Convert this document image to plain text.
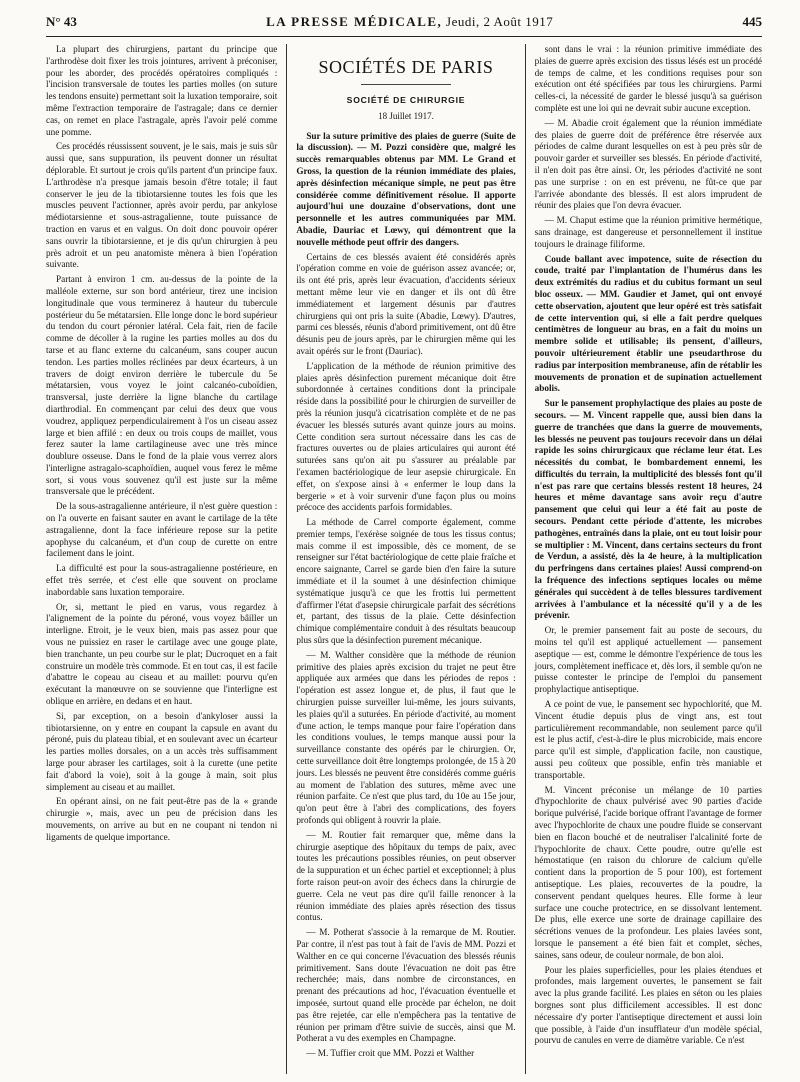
N° 43	LA PRESSE MÉDICALE, Jeudi, 2 Août 1917	445

La plupart des chirurgiens, partant du principe que l'arthrodèse doit fixer les trois jointures, arrivent à préconiser, pour les aborder, des procédés opératoires compliqués : l'incision transversale de toutes les parties molles (on suture les tendons ensuite) permettant soit la luxation temporaire, soit même l'extraction temporaire de l'astragale; dans ce dernier cas, on remet en place l'astragale, après l'avoir pelé comme une pomme.

Ces procédés réussissent souvent, je le sais, mais je suis sûr aussi que, sans suppuration, ils peuvent donner un résultat déplorable. Et surtout je crois qu'ils partent d'un principe faux. L'arthrodèse n'a presque jamais besoin d'être totale; il faut conserver le jeu de la tibiotarsienne toutes les fois que les muscles peuvent l'actionner, après avoir perdu, par ankylose médiotarsienne et sous-astragalienne, toute puissance de traction en varus et en valgus. On doit donc pouvoir opérer sans ouvrir la tibiotarsienne, et je dis qu'un chirurgien à peu près adroit et un peu anatomiste mènera à bien l'opération suivante.

Partant à environ 1 cm. au-dessus de la pointe de la malléole externe, sur son bord antérieur, tirez une incision longitudinale que vous terminerez à hauteur du tubercule postérieur du 5e métatarsien. Elle longe donc le bord supérieur du tendon du court péronier latéral. Cela fait, rien de facile comme de décoller à la rugine les parties molles au dos du tarse et au flanc externe du calcanéum, sans couper aucun tendon. Les parties molles réclinées par deux écarteurs, à un travers de doigt environ derrière le tubercule du 5e métatarsien, vous voyez le joint calcanéo-cuboïdien, transversal, juste derrière la ligne blanche du cartilage diarthrodial. En commençant par celui des deux que vous voudrez, appliquez perpendiculairement à l'os un ciseau assez large et bien affilé : en deux ou trois coups de maillet, vous ferez sauter la lame cartilagineuse avec une très mince doublure osseuse. Dans le fond de la plaie vous verrez alors l'interligne astragalo-scaphoïdien, auquel vous ferez le même sort, si vous vous souvenez qu'il est juste sur la même transversale que le précédent.

De la sous-astragalienne antérieure, il n'est guère question : on l'a ouverte en faisant sauter en avant le cartilage de la tête astragalienne, dont la face inférieure repose sur la petite apophyse du calcanéum, et d'un coup de curette on entre facilement dans le joint.

La difficulté est pour la sous-astragalienne postérieure, en effet très serrée, et c'est elle que souvent on proclame inabordable sans luxation temporaire.

Or, si, mettant le pied en varus, vous regardez à l'alignement de la pointe du péroné, vous voyez bâiller un interligne. Etroit, je le veux bien, mais pas assez pour que vous ne puissiez en raser le cartilage avec une gouge plate, bien tranchante, un peu courbe sur le plat; Ducroquet en a fait construire un modèle très commode. Et en tout cas, il est facile d'abattre le copeau au ciseau et au maillet: pourvu qu'en exécutant la manœuvre on se souvienne que l'interligne est oblique en arrière, en dedans et en haut.

Si, par exception, on a besoin d'ankyloser aussi la tibiotarsienne, on y entre en coupant la capsule en avant du péroné, puis du plateau tibial, et en soulevant avec un écarteur les parties molles dorsales, on a un accès très suffisamment large pour abraser les cartilages, soit à la curette (une petite fait d'abord la voie), soit à la gouge à main, soit plus simplement au ciseau et au maillet.

En opérant ainsi, on ne fait peut-être pas de la « grande chirurgie », mais, avec un peu de précision dans les mouvements, on arrive au but en ne coupant ni tendon ni ligaments de quelque importance.

SOCIÉTÉS DE PARIS
SOCIÉTÉ DE CHIRURGIE
18 Juillet 1917.

Sur la suture primitive des plaies de guerre (Suite de la discussion). — M. Pozzi considère que, malgré les succès remarquables obtenus par MM. Le Grand et Gross, la question de la réunion immédiate des plaies, après désinfection mécanique simple, ne peut pas être considérée comme définitivement résolue. Il apporte aujourd'hui une douzaine d'observations, dont une personnelle et les autres communiquées par MM. Abadie, Dauriac et Lœwy, qui démontrent que la nouvelle méthode peut offrir des dangers.

Certains de ces blessés avaient été considérés après l'opération comme en voie de guérison assez avancée; or, ils ont été pris, après leur évacuation, d'accidents sérieux mettant même leur vie en danger et ils ont dû être immédiatement et largement désunis par d'autres chirurgiens qui ont pris la suite (Abadie, Lœwy). D'autres, parmi ces blessés, réunis d'abord primitivement, ont dû être désunis peu de jours après, par le chirurgien même qui les avait opérés sur le front (Dauriac).

L'application de la méthode de réunion primitive des plaies après désinfection purement mécanique doit être subordonnée à certaines conditions dont la principale réside dans la possibilité pour le chirurgien de surveiller de près la réunion jusqu'à cicatrisation complète et de ne pas évacuer les blessés suturés avant quinze jours au moins. Cette condition sera surtout nécessaire dans les cas de fractures ouvertes ou de plaies articulaires qui auront été suturées sans qu'on ait pu s'assurer au préalable par l'examen bactériologique de leur asepsie chirurgicale. En effet, on s'expose ainsi à « enfermer le loup dans la bergerie » et à voir survenir d'une façon plus ou moins précoce des accidents parfois formidables.

La méthode de Carrel comporte également, comme premier temps, l'exérèse soignée de tous les tissus contus; mais comme il est impossible, dès ce moment, de se renseigner sur l'état bactériologique de cette plaie fraîche et encore saignante, Carrel se garde bien d'en faire la suture immédiate et il la soumet à une désinfection chimique systématique jusqu'à ce que les frottis lui permettent d'affirmer l'état d'asepsie chirurgicale parfait des sécrétions et, partant, des tissus de la plaie. Cette désinfection chimique complémentaire conduit à des résultats beaucoup plus sûrs que la désinfection purement mécanique.

— M. Walther considère que la méthode de réunion primitive des plaies après excision du trajet ne peut être appliquée aux armées que dans les périodes de repos : l'opération est assez longue et, de plus, il faut que le chirurgien puisse surveiller lui-même, les jours suivants, les plaies qu'il a suturées. En période d'activité, au moment d'une action, le temps manque pour faire l'opération dans les conditions voulues, le temps manque aussi pour la surveillance constante des opérés par le chirurgien. Or, cette surveillance doit être longtemps prolongée, de 15 à 20 jours. Les blessés ne peuvent être considérés comme guéris au moment de l'ablation des sutures, même avec une réunion parfaite. Ce n'est que plus tard, du 10e au 15e jour, qu'on peut être à l'abri des complications, des foyers profonds qui obligent à rouvrir la plaie.

— M. Routier fait remarquer que, même dans la chirurgie aseptique des hôpitaux du temps de paix, avec toutes les précautions possibles réunies, on peut observer de la suppuration et un échec partiel et exceptionnel; à plus forte raison peut-on avoir des échecs dans la chirurgie de guerre. Cela ne veut pas dire qu'il faille renoncer à la réunion immédiate des plaies après résection des tissus contus.

— M. Potherat s'associe à la remarque de M. Routier. Par contre, il n'est pas tout à fait de l'avis de MM. Pozzi et Walther en ce qui concerne l'évacuation des blessés réunis primitivement. Sans doute l'évacuation ne doit pas être recherchée; mais, dans nombre de circonstances, en prenant des précautions ad hoc, l'évacuation éventuelle et imposée, surtout quand elle procède par échelon, ne doit pas être rejetée, car elle n'empêchera pas la tentative de réunion per primam d'être suivie de succès, ainsi que M. Potherat a vu des exemples en Champagne.

— M. Tuffier croit que MM. Pozzi et Walther

sont dans le vrai : la réunion primitive immédiate des plaies de guerre après excision des tissus lésés est un procédé de temps de calme, et les conditions requises pour son exécution ont été spécifiées par tous les chirurgiens. Parmi celles-ci, la nécessité de garder le blessé jusqu'à sa guérison complète est une loi qui ne devrait subir aucune exception.

— M. Abadie croit également que la réunion immédiate des plaies de guerre doit de préférence être réservée aux périodes de calme durant lesquelles on est à peu près sûr de pouvoir garder et surveiller ses blessés. En période d'activité, il n'en doit pas être ainsi. Or, les périodes d'activité ne sont pas une surprise : on en est prévenu, ne fût-ce que par l'arrivée abondante des blessés. Il est alors imprudent de réunir des plaies que l'on devra évacuer.

— M. Chaput estime que la réunion primitive hermétique, sans drainage, est dangereuse et personnellement il institue toujours le drainage filiforme.

Coude ballant avec impotence, suite de résection du coude, traité par l'implantation de l'humérus dans les deux extrémités du radius et du cubitus formant un seul bloc osseux. — MM. Gaudier et Jamet, qui ont envoyé cette observation, ajoutent que leur opéré est très satisfait de cette intervention qui, si elle a fait perdre quelques centimètres de longueur au bras, en a fait du moins un membre solide et utilisable; ils pensent, d'ailleurs, pouvoir ultérieurement établir une pseudarthrose du radius par interposition membraneuse, afin de rétablir les mouvements de pronation et de supination actuellement abolis.

Sur le pansement prophylactique des plaies au poste de secours. — M. Vincent rappelle que, aussi bien dans la guerre de tranchées que dans la guerre de mouvements, les blessés ne peuvent pas toujours recevoir dans un délai rapide les soins chirurgicaux que réclame leur état. Les nécessités du combat, le bombardement ennemi, les difficultés du terrain, la multiplicité des blessés font qu'il n'est pas rare que certains blessés restent 18 heures, 24 heures et même davantage sans avoir reçu d'autre pansement que celui qui leur a été fait au poste de secours. Pendant cette période d'attente, les microbes pathogènes, entraînés dans la plaie, ont eu tout loisir pour se multiplier : M. Vincent, dans certains secteurs du front de Verdun, a assisté, dès la 4e heure, à la multiplication du perfringens dans certaines plaies! Aussi comprend-on la fréquence des infections septiques locales ou même générales qui succèdent à de telles blessures tardivement arrivées à l'ambulance et la nécessité qu'il y a de les prévenir.

Or, le premier pansement fait au poste de secours, du moins tel qu'il est appliqué actuellement — pansement aseptique — est, comme le démontre l'expérience de tous les jours, complètement inefficace et, dès lors, il semble qu'on ne puisse contester le principe de l'emploi du pansement prophylactique antiseptique.

A ce point de vue, le pansement sec hypochlorité, que M. Vincent étudie depuis plus de vingt ans, est tout particulièrement recommandable, non seulement parce qu'il est le plus actif, c'est-à-dire le plus microbicide, mais encore parce qu'il est simple, d'application facile, non caustique, aussi peu coûteux que possible, enfin très maniable et transportable.

M. Vincent préconise un mélange de 10 parties d'hypochlorite de chaux pulvérisé avec 90 parties d'acide borique pulvérisé, l'acide borique offrant l'avantage de former avec l'hypochlorite de chaux une poudre fluide se conservant bien en flacon bouché et de neutraliser l'alcalinité forte de l'hypochlorite de chaux. Cette poudre, outre qu'elle est hémostatique (en raison du chlorure de calcium qu'elle contient dans la proportion de 5 pour 100), est fortement antiseptique. Les plaies, recouvertes de la poudre, la conservent pendant quelques heures. Elle forme à leur surface une couche protectrice, en se dissolvant lentement. De plus, elle exerce une sorte de drainage capillaire des sécrétions venues de la profondeur. Les plaies lavées sont, lorsque le pansement a été bien fait et complet, sèches, saines, sans odeur, de couleur normale, de bon aloi.

Pour les plaies superficielles, pour les plaies étendues et profondes, mais largement ouvertes, le pansement se fait avec la plus grande facilité. Les plaies en séton ou les plaies borgnes sont plus difficilement accessibles. Il est donc nécessaire d'y porter l'antiseptique directement et aussi loin que possible, à l'aide d'un insufflateur d'un modèle spécial, pourvu de canules en verre de diamètre variable. Ce n'est
